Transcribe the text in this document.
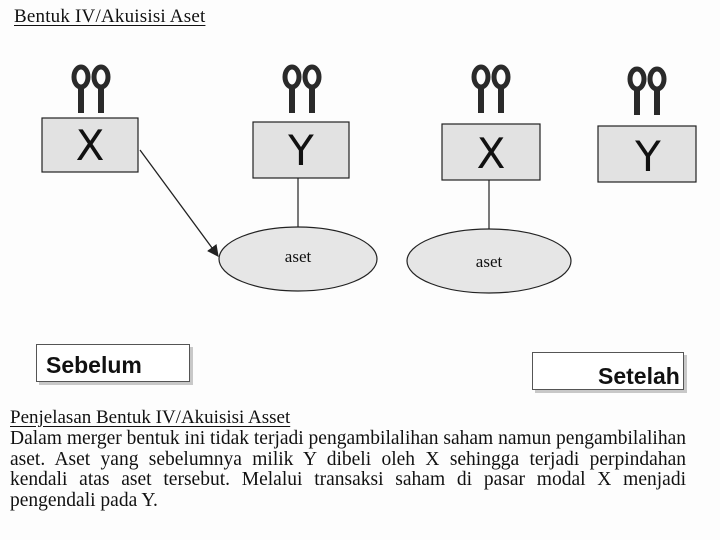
Bentuk IV/Akuisisi Aset
X	Y	X	Y
aset	aset
Sebelum	Setelah
Penjelasan Bentuk IV/Akuisisi Asset
Dalam merger bentuk ini tidak terjadi pengambilalihan saham namun pengambilalihan aset. Aset yang sebelumnya milik Y dibeli oleh X sehingga terjadi perpindahan kendali atas aset tersebut. Melalui transaksi saham di pasar modal X menjadi pengendali pada Y.
